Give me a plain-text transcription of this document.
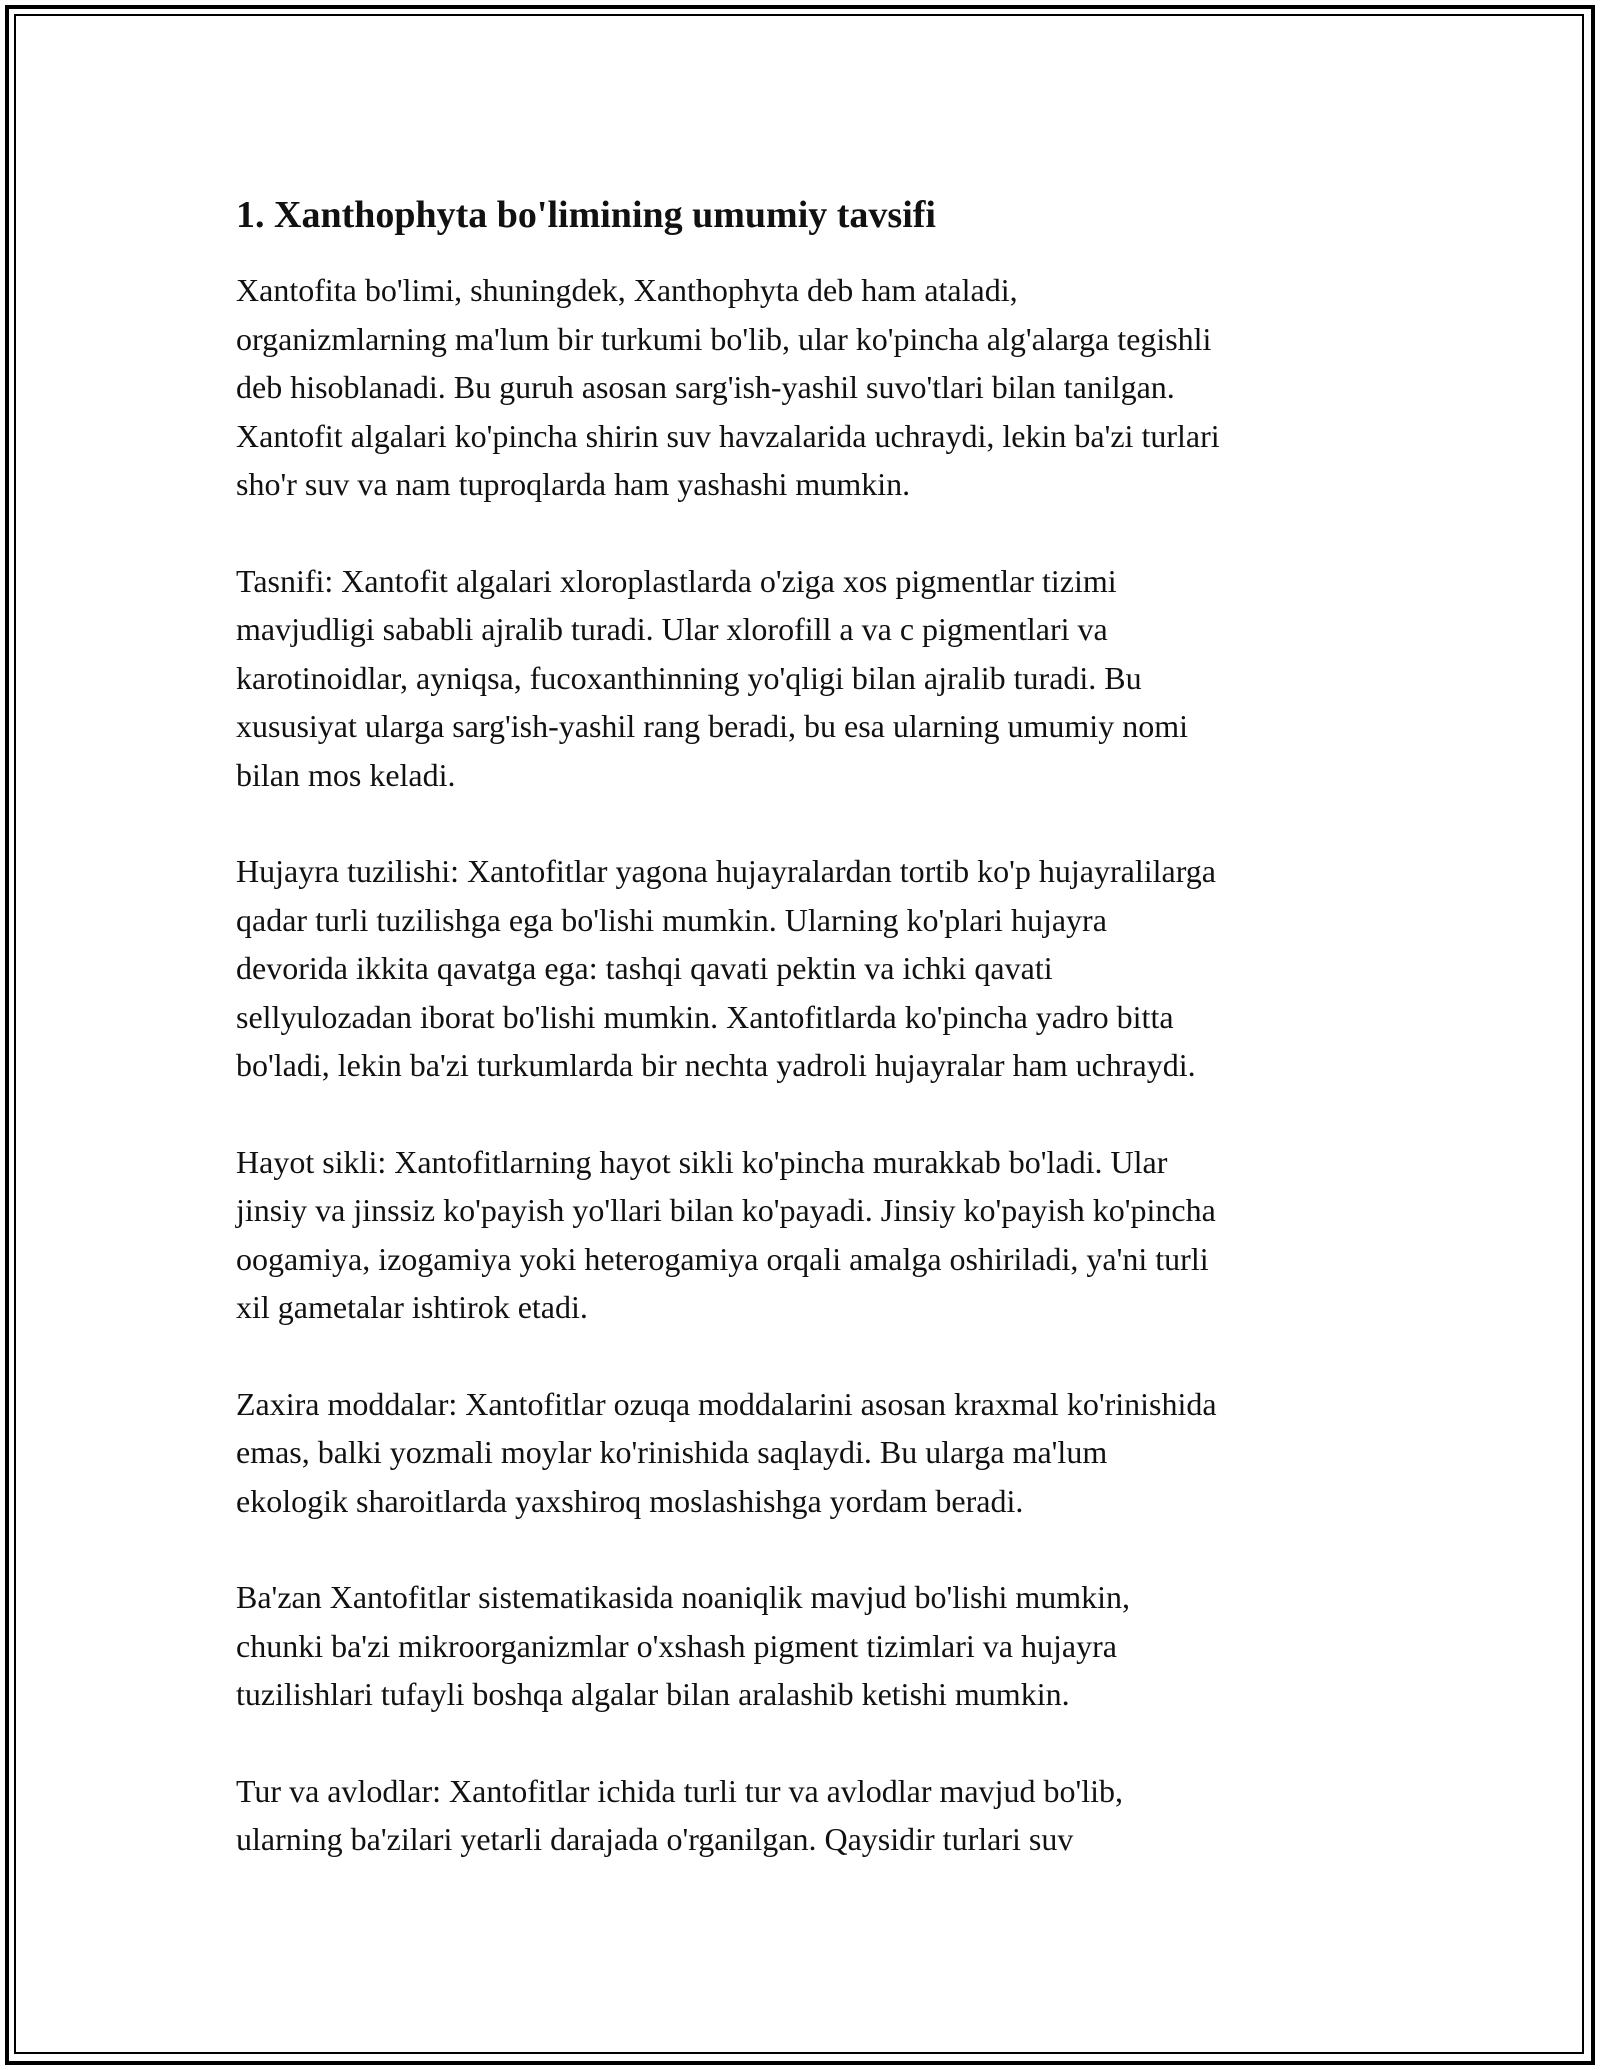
1. Xanthophyta bo'limining umumiy tavsifi

Xantofita bo'limi, shuningdek, Xanthophyta deb ham ataladi,
organizmlarning ma'lum bir turkumi bo'lib, ular ko'pincha alg'alarga tegishli
deb hisoblanadi. Bu guruh asosan sarg'ish-yashil suvo'tlari bilan tanilgan.
Xantofit algalari ko'pincha shirin suv havzalarida uchraydi, lekin ba'zi turlari
sho'r suv va nam tuproqlarda ham yashashi mumkin.

Tasnifi: Xantofit algalari xloroplastlarda o'ziga xos pigmentlar tizimi
mavjudligi sababli ajralib turadi. Ular xlorofill a va c pigmentlari va
karotinoidlar, ayniqsa, fucoxanthinning yo'qligi bilan ajralib turadi. Bu
xususiyat ularga sarg'ish-yashil rang beradi, bu esa ularning umumiy nomi
bilan mos keladi.

Hujayra tuzilishi: Xantofitlar yagona hujayralardan tortib ko'p hujayralilarga
qadar turli tuzilishga ega bo'lishi mumkin. Ularning ko'plari hujayra
devorida ikkita qavatga ega: tashqi qavati pektin va ichki qavati
sellyulozadan iborat bo'lishi mumkin. Xantofitlarda ko'pincha yadro bitta
bo'ladi, lekin ba'zi turkumlarda bir nechta yadroli hujayralar ham uchraydi.

Hayot sikli: Xantofitlarning hayot sikli ko'pincha murakkab bo'ladi. Ular
jinsiy va jinssiz ko'payish yo'llari bilan ko'payadi. Jinsiy ko'payish ko'pincha
oogamiya, izogamiya yoki heterogamiya orqali amalga oshiriladi, ya'ni turli
xil gametalar ishtirok etadi.

Zaxira moddalar: Xantofitlar ozuqa moddalarini asosan kraxmal ko'rinishida
emas, balki yozmali moylar ko'rinishida saqlaydi. Bu ularga ma'lum
ekologik sharoitlarda yaxshiroq moslashishga yordam beradi.

Ba'zan Xantofitlar sistematikasida noaniqlik mavjud bo'lishi mumkin,
chunki ba'zi mikroorganizmlar o'xshash pigment tizimlari va hujayra
tuzilishlari tufayli boshqa algalar bilan aralashib ketishi mumkin.

Tur va avlodlar: Xantofitlar ichida turli tur va avlodlar mavjud bo'lib,
ularning ba'zilari yetarli darajada o'rganilgan. Qaysidir turlari suv
